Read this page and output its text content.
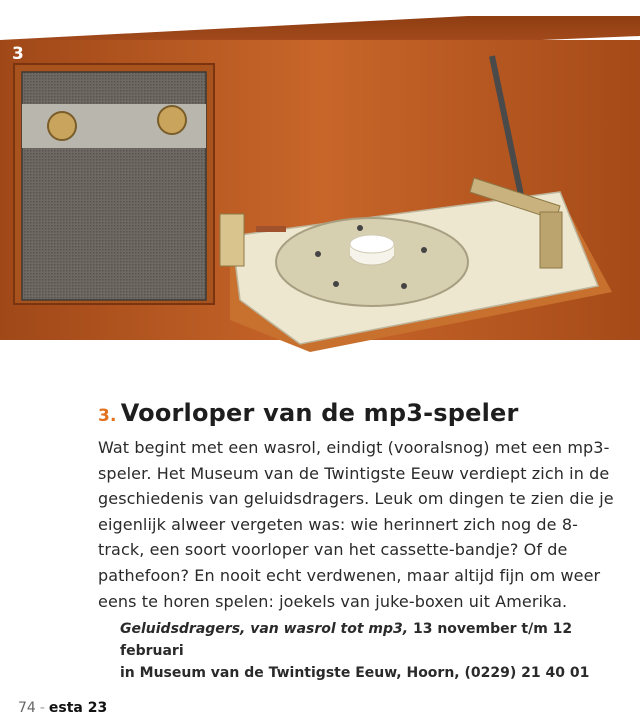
3
3. Voorloper van de mp3-speler

Wat begint met een wasrol, eindigt (vooralsnog) met een mp3-speler. Het Museum van de Twintigste Eeuw verdiept zich in de geschiedenis van geluidsdragers. Leuk om dingen te zien die je eigenlijk alweer vergeten was: wie herinnert zich nog de 8-track, een soort voorloper van het cassette-bandje? Of de pathefoon? En nooit echt verdwenen, maar altijd fijn om weer eens te horen spelen: joekels van juke-boxen uit Amerika.

Geluidsdragers, van wasrol tot mp3, 13 november t/m 12 februari
in Museum van de Twintigste Eeuw, Hoorn, (0229) 21 40 01

74 - esta 23
